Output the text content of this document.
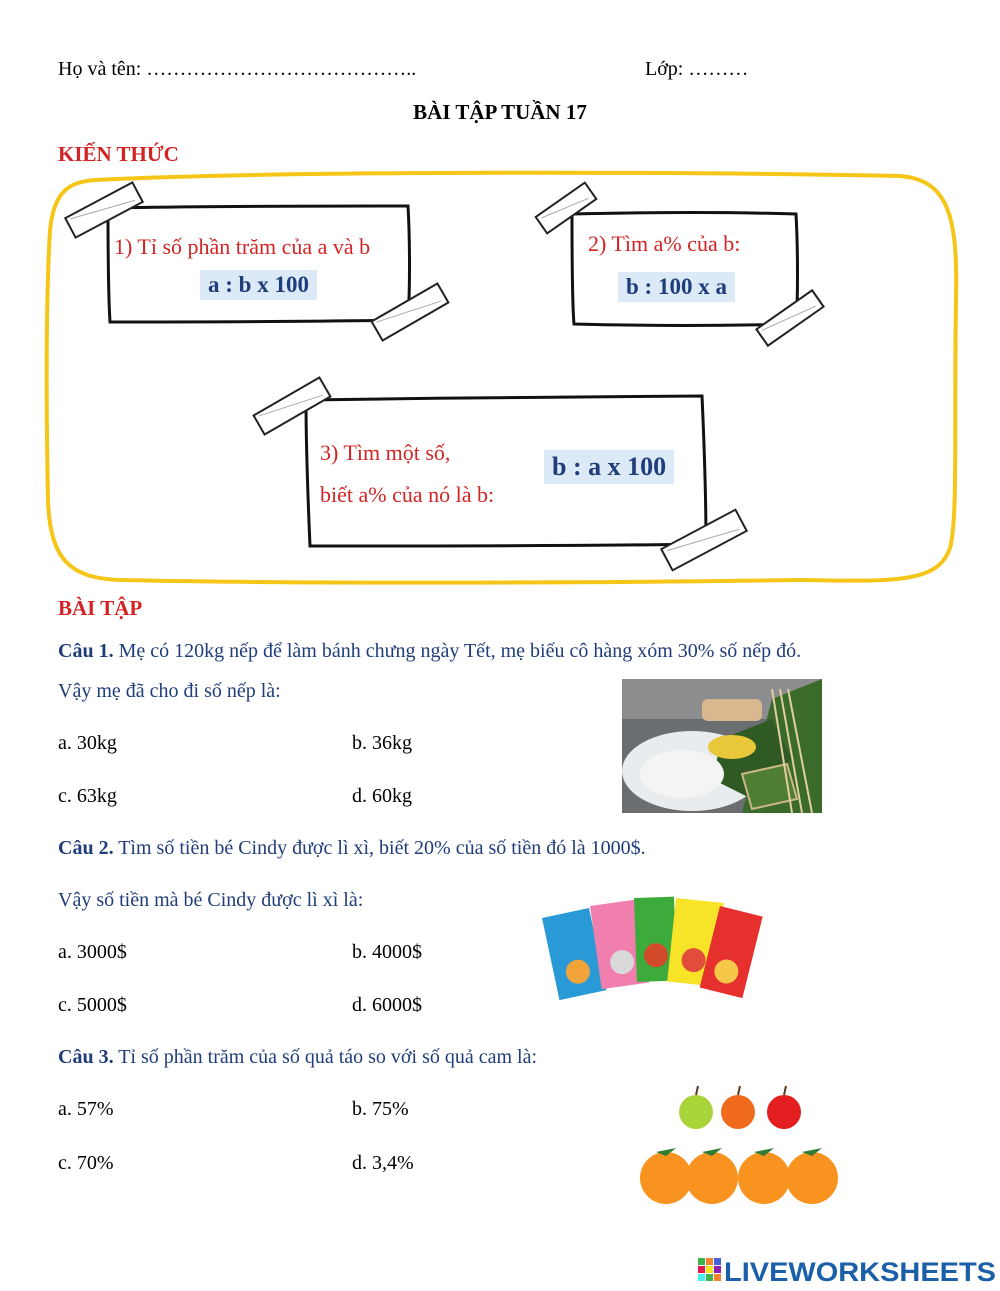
Họ và tên: …………………………………..	Lớp: ………
BÀI TẬP TUẦN 17
KIẾN THỨC
1) Tỉ số phần trăm của a và b
a : b x 100
2) Tìm a% của b:
b : 100 x a
3) Tìm một số,
biết a% của nó là b:
b : a x 100
BÀI TẬP
Câu 1. Mẹ có 120kg nếp để làm bánh chưng ngày Tết, mẹ biếu cô hàng xóm 30% số nếp đó.
Vậy mẹ đã cho đi số nếp là:
a. 30kg	b. 36kg
c. 63kg	d. 60kg
Câu 2. Tìm số tiền bé Cindy được lì xì, biết 20% của số tiền đó là 1000$.
Vậy số tiền mà bé Cindy được lì xì là:
a. 3000$	b. 4000$
c. 5000$	d. 6000$
Câu 3. Tỉ số phần trăm của số quả táo so với số quả cam là:
a. 57%	b. 75%
c. 70%	d. 3,4%
LIVEWORKSHEETS
